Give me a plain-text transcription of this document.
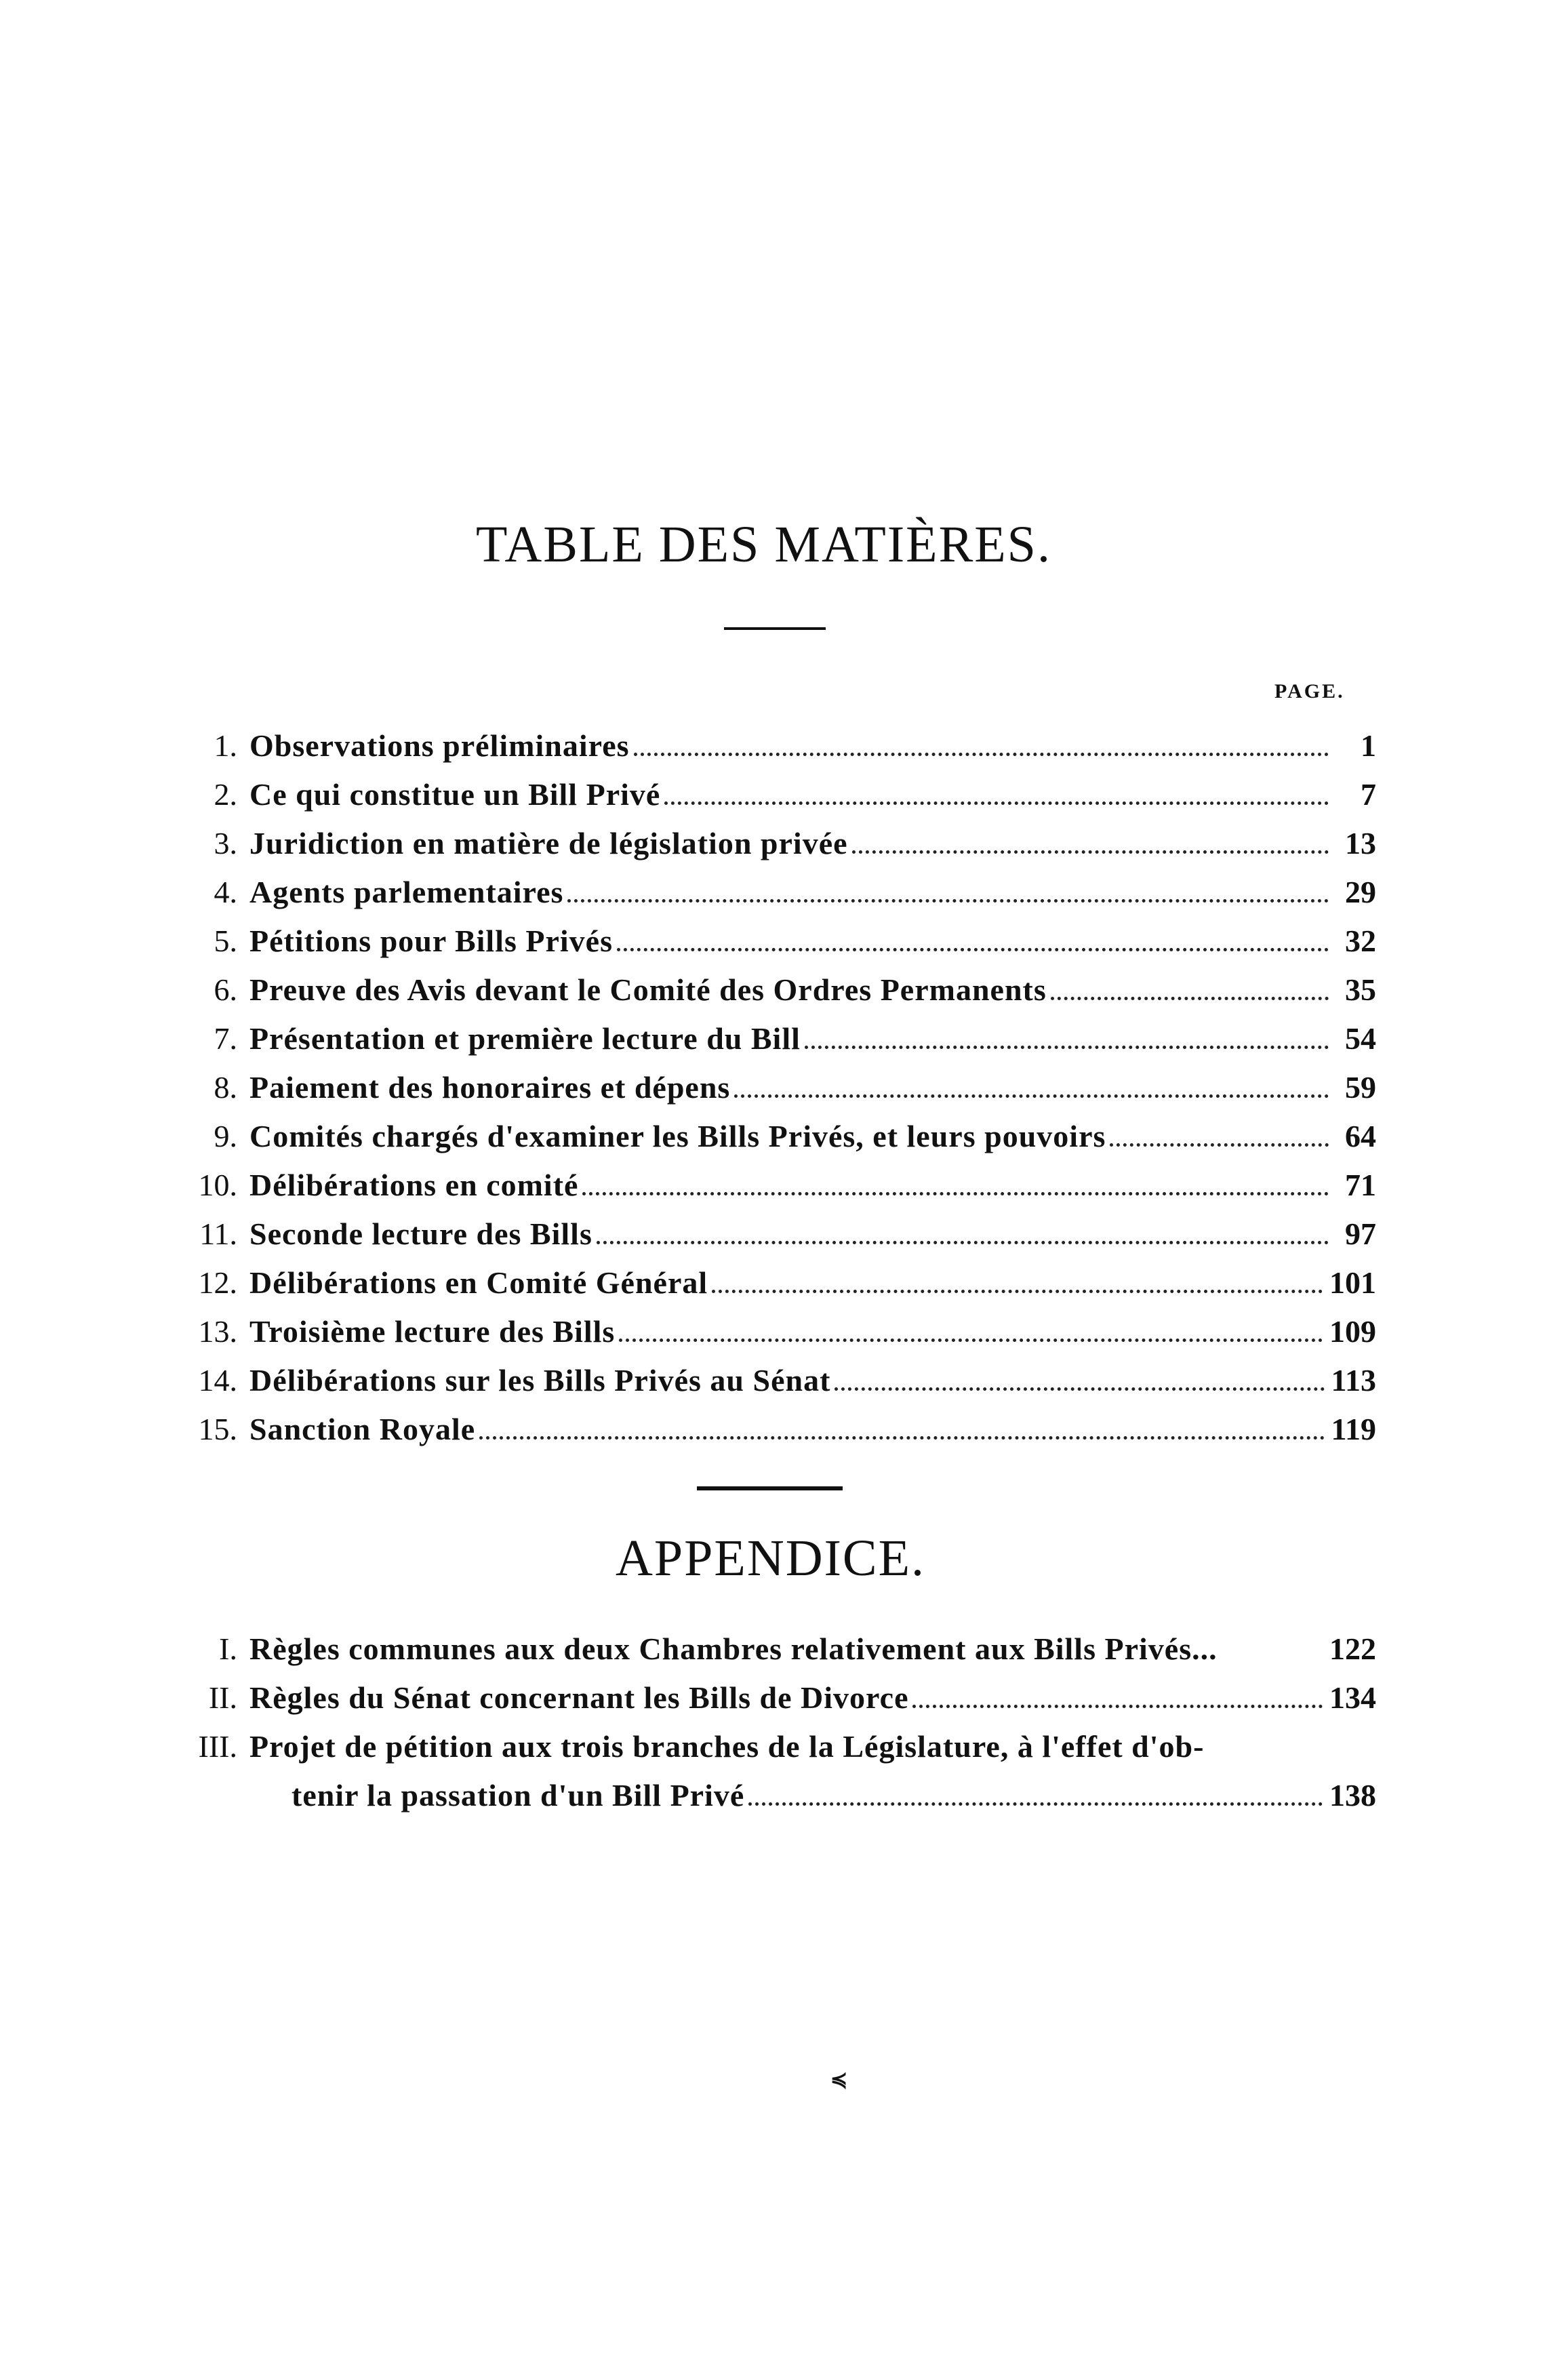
TABLE DES MATIÈRES.
PAGE.
1. Observations préliminaires	1
2. Ce qui constitue un Bill Privé	7
3. Juridiction en matière de législation privée	13
4. Agents parlementaires	29
5. Pétitions pour Bills Privés	32
6. Preuve des Avis devant le Comité des Ordres Permanents	35
7. Présentation et première lecture du Bill	54
8. Paiement des honoraires et dépens	59
9. Comités chargés d'examiner les Bills Privés, et leurs pouvoirs	64
10. Délibérations en comité	71
11. Seconde lecture des Bills	97
12. Délibérations en Comité Général	101
13. Troisième lecture des Bills	109
14. Délibérations sur les Bills Privés au Sénat	113
15. Sanction Royale	119
APPENDICE.
I. Règles communes aux deux Chambres relativement aux Bills Privés...	122
II. Règles du Sénat concernant les Bills de Divorce	134
III. Projet de pétition aux trois branches de la Législature, à l'effet d'ob-
tenir la passation d'un Bill Privé	138
≼
